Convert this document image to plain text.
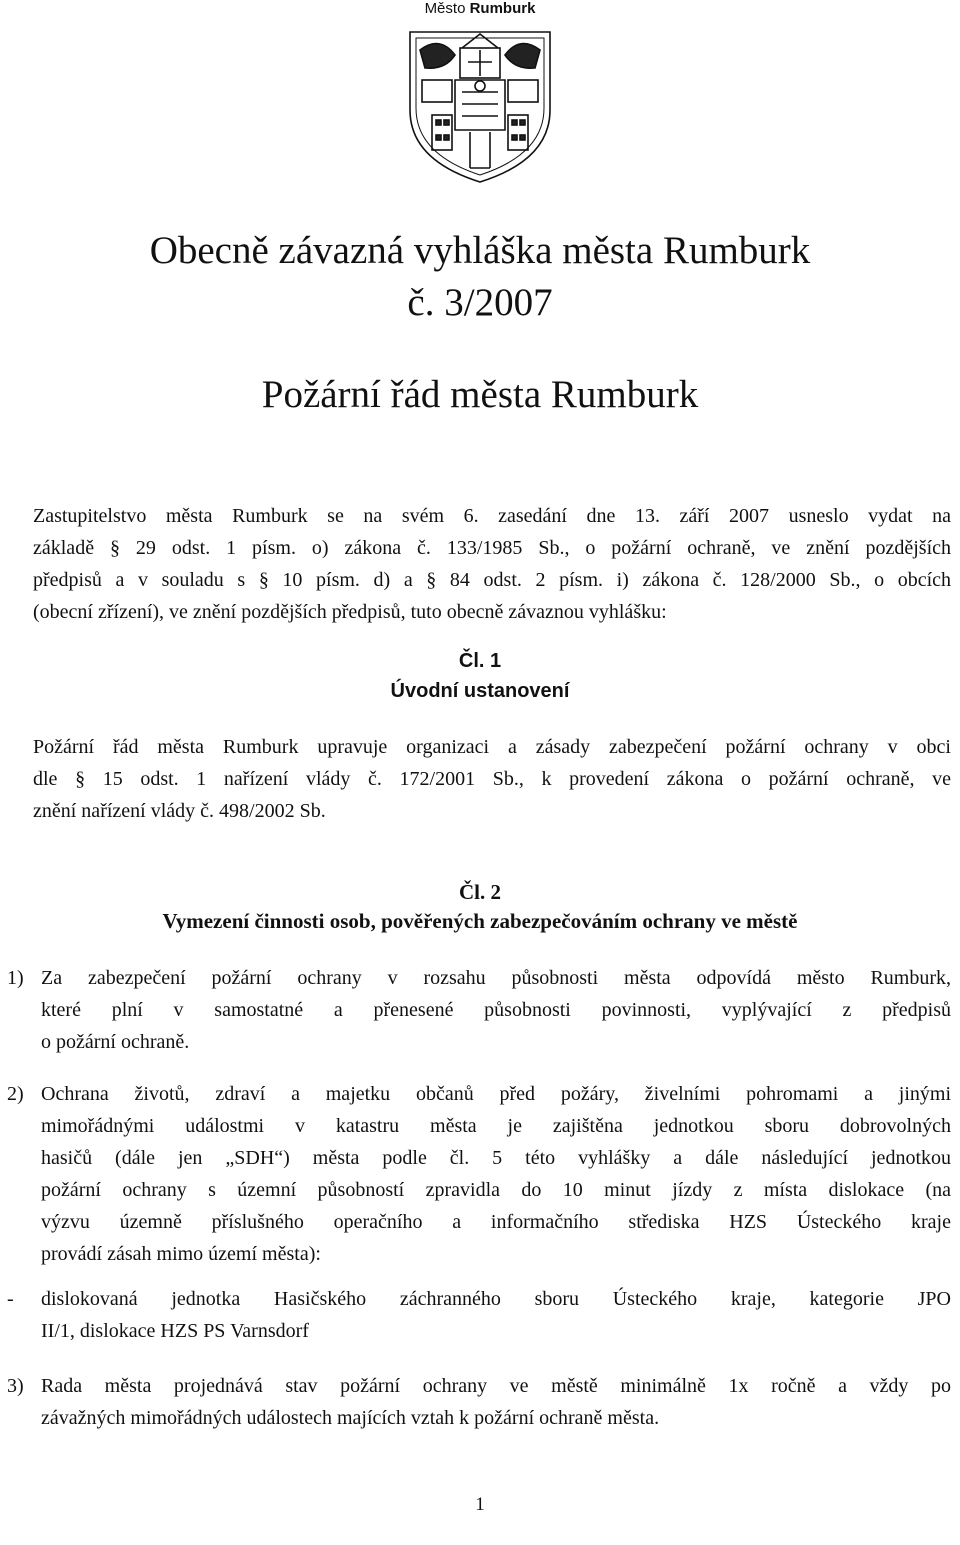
Město Rumburk
Obecně závazná vyhláška města Rumburk
č. 3/2007
Požární řád města Rumburk
Zastupitelstvo města Rumburk se na svém 6. zasedání dne 13. září 2007 usneslo vydat na základě § 29 odst. 1 písm. o) zákona č. 133/1985 Sb., o požární ochraně, ve znění pozdějších předpisů a v souladu s § 10 písm. d) a § 84 odst. 2 písm. i) zákona č. 128/2000 Sb., o obcích
(obecní zřízení), ve znění pozdějších předpisů, tuto obecně závaznou vyhlášku:
Čl. 1
Úvodní ustanovení
Požární řád města Rumburk upravuje organizaci a zásady zabezpečení požární ochrany v obci dle § 15 odst. 1 nařízení vlády č. 172/2001 Sb., k provedení zákona o požární ochraně, ve
znění nařízení vlády č. 498/2002 Sb.
Čl. 2
Vymezení činnosti osob, pověřených zabezpečováním ochrany ve městě
1) Za zabezpečení požární ochrany v rozsahu působnosti města odpovídá město Rumburk,
které plní v samostatné a přenesené působnosti povinnosti, vyplývající z předpisů
o požární ochraně.
2) Ochrana životů, zdraví a majetku občanů před požáry, živelními pohromami a jinými
mimořádnými událostmi v katastru města je zajištěna jednotkou sboru dobrovolných
hasičů (dále jen „SDH“) města podle čl. 5 této vyhlášky a dále následující jednotkou
požární ochrany s územní působností zpravidla do 10 minut jízdy z místa dislokace (na
výzvu územně příslušného operačního a informačního střediska HZS Ústeckého kraje
provádí zásah mimo území města):
- dislokovaná jednotka Hasičského záchranného sboru Ústeckého kraje, kategorie JPO
II/1, dislokace HZS PS Varnsdorf
3) Rada města projednává stav požární ochrany ve městě minimálně 1x ročně a vždy po
závažných mimořádných událostech majících vztah k požární ochraně města.
1
